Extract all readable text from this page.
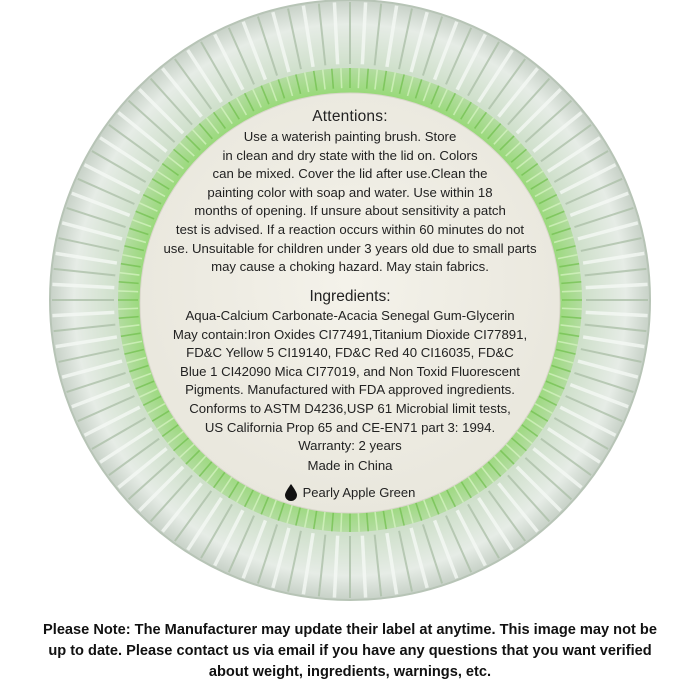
Attentions:
Use a waterish painting brush. Store
in clean and dry state with the lid on. Colors
can be mixed. Cover the lid after use.Clean the
painting color with soap and water. Use within 18
months of opening. If unsure about sensitivity a patch
test is advised. If a reaction occurs within 60 minutes do not
use. Unsuitable for children under 3 years old due to small parts
may cause a choking hazard. May stain fabrics.
Ingredients:
Aqua-Calcium Carbonate-Acacia Senegal Gum-Glycerin
May contain:Iron Oxides CI77491,Titanium Dioxide CI77891,
FD&C Yellow 5 CI19140, FD&C Red 40 CI16035, FD&C
Blue 1 CI42090 Mica CI77019, and Non Toxid Fluorescent
Pigments. Manufactured with FDA approved ingredients.
Conforms to ASTM D4236,USP 61 Microbial limit tests,
US California Prop 65 and CE-EN71 part 3: 1994.
Warranty: 2 years
Made in China
Pearly Apple Green
Please Note: The Manufacturer may update their label at anytime. This image may not be
up to date. Please contact us via email if you have any questions that you want verified
about weight, ingredients, warnings, etc.
